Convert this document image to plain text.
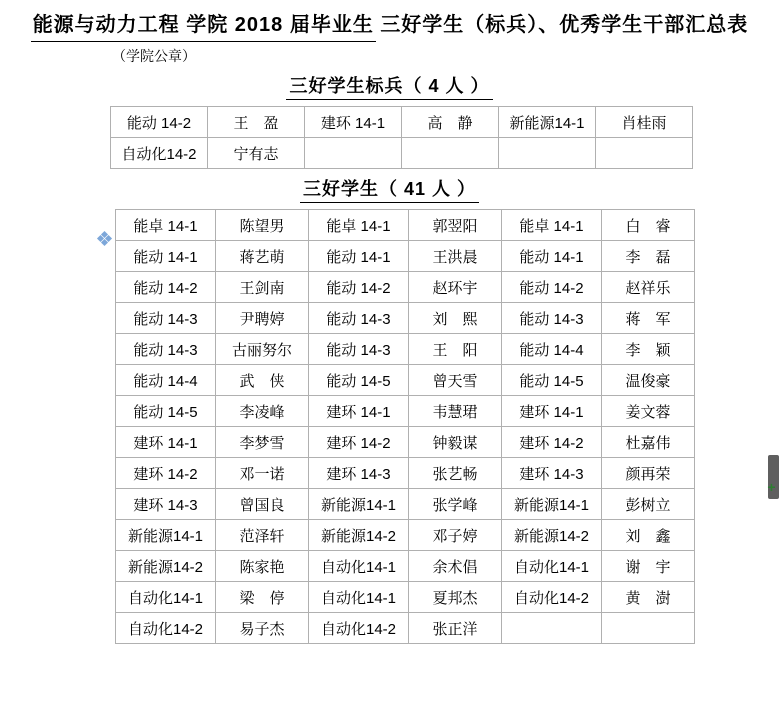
能源与动力工程 学院 2018 届毕业生 三好学生（标兵）、优秀学生干部汇总表
（学院公章）
三好学生标兵（ 4 人 ）
能动 14-2	王　盈	建环 14-1	高　静	新能源14-1	肖桂雨
自动化14-2	宁有志				
三好学生（ 41 人 ）
能卓 14-1	陈望男	能卓 14-1	郭翌阳	能卓 14-1	白　睿
能动 14-1	蒋艺萌	能动 14-1	王洪晨	能动 14-1	李　磊
能动 14-2	王剑南	能动 14-2	赵环宇	能动 14-2	赵祥乐
能动 14-3	尹聘婷	能动 14-3	刘　熙	能动 14-3	蒋　军
能动 14-3	古丽努尔	能动 14-3	王　阳	能动 14-4	李　颖
能动 14-4	武　侠	能动 14-5	曾天雪	能动 14-5	温俊豪
能动 14-5	李凌峰	建环 14-1	韦慧珺	建环 14-1	姜文蓉
建环 14-1	李梦雪	建环 14-2	钟毅谋	建环 14-2	杜嘉伟
建环 14-2	邓一诺	建环 14-3	张艺畅	建环 14-3	颜再荣
建环 14-3	曾国良	新能源14-1	张学峰	新能源14-1	彭树立
新能源14-1	范泽轩	新能源14-2	邓子婷	新能源14-2	刘　鑫
新能源14-2	陈家艳	自动化14-1	余术倡	自动化14-1	谢　宇
自动化14-1	梁　停	自动化14-1	夏邦杰	自动化14-2	黄　澍
自动化14-2	易子杰	自动化14-2	张正洋		
+
